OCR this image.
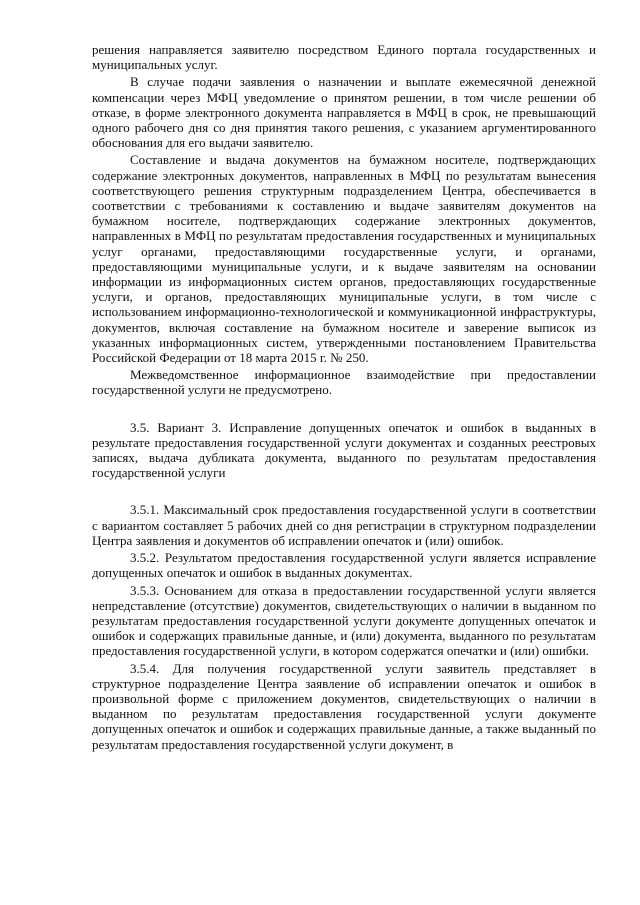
решения направляется заявителю посредством Единого портала государственных и муниципальных услуг.

В случае подачи заявления о назначении и выплате ежемесячной денежной компенсации через МФЦ уведомление о принятом решении, в том числе решении об отказе, в форме электронного документа направляется в МФЦ в срок, не превышающий одного рабочего дня со дня принятия такого решения, с указанием аргументированного обоснования для его выдачи заявителю.

Составление и выдача документов на бумажном носителе, подтверждающих содержание электронных документов, направленных в МФЦ по результатам вынесения соответствующего решения структурным подразделением Центра, обеспечивается в соответствии с требованиями к составлению и выдаче заявителям документов на бумажном носителе, подтверждающих содержание электронных документов, направленных в МФЦ по результатам предоставления государственных и муниципальных услуг органами, предоставляющими государственные услуги, и органами, предоставляющими муниципальные услуги, и к выдаче заявителям на основании информации из информационных систем органов, предоставляющих государственные услуги, и органов, предоставляющих муниципальные услуги, в том числе с использованием информационно-технологической и коммуникационной инфраструктуры, документов, включая составление на бумажном носителе и заверение выписок из указанных информационных систем, утвержденными постановлением Правительства Российской Федерации от 18 марта 2015 г. № 250.

Межведомственное информационное взаимодействие при предоставлении государственной услуги не предусмотрено.

3.5. Вариант 3. Исправление допущенных опечаток и ошибок в выданных в результате предоставления государственной услуги документах и созданных реестровых записях, выдача дубликата документа, выданного по результатам предоставления государственной услуги

3.5.1. Максимальный срок предоставления государственной услуги в соответствии с вариантом составляет 5 рабочих дней со дня регистрации в структурном подразделении Центра заявления и документов об исправлении опечаток и (или) ошибок.

3.5.2. Результатом предоставления государственной услуги является исправление допущенных опечаток и ошибок в выданных документах.

3.5.3. Основанием для отказа в предоставлении государственной услуги является непредставление (отсутствие) документов, свидетельствующих о наличии в выданном по результатам предоставления государственной услуги документе допущенных опечаток и ошибок и содержащих правильные данные, и (или) документа, выданного по результатам предоставления государственной услуги, в котором содержатся опечатки и (или) ошибки.

3.5.4. Для получения государственной услуги заявитель представляет в структурное подразделение Центра заявление об исправлении опечаток и ошибок в произвольной форме с приложением документов, свидетельствующих о наличии в выданном по результатам предоставления государственной услуги документе допущенных опечаток и ошибок и содержащих правильные данные, а также выданный по результатам предоставления государственной услуги документ, в
